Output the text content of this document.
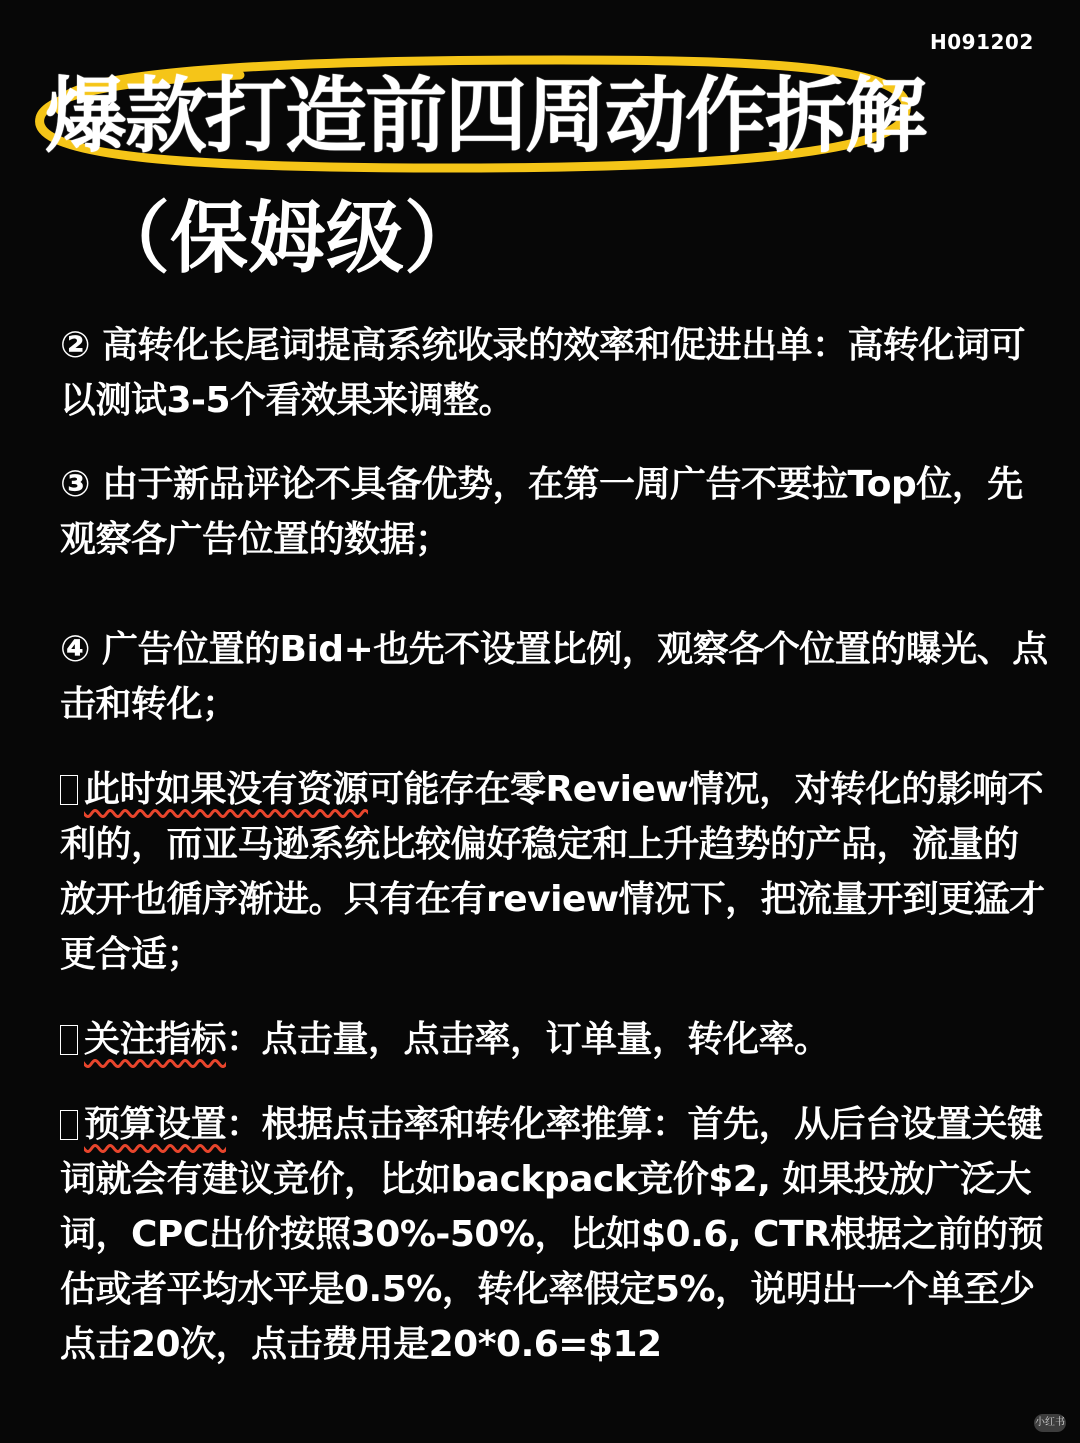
H091202
爆款打造前四周动作拆解
（保姆级）

② 高转化长尾词提高系统收录的效率和促进出单：高转化词可以测试3-5个看效果来调整。

③ 由于新品评论不具备优势，在第一周广告不要拉Top位，先观察各广告位置的数据；

④ 广告位置的Bid+也先不设置比例，观察各个位置的曝光、点击和转化；

此时如果没有资源可能存在零Review情况，对转化的影响不利的，而亚马逊系统比较偏好稳定和上升趋势的产品，流量的放开也循序渐进。只有在有review情况下，把流量开到更猛才更合适；

关注指标：点击量，点击率，订单量，转化率。

预算设置：根据点击率和转化率推算：首先，从后台设置关键词就会有建议竞价，比如backpack竞价$2, 如果投放广泛大词，CPC出价按照30%-50%，比如$0.6, CTR根据之前的预估或者平均水平是0.5%，转化率假定5%，说明出一个单至少点击20次，点击费用是20*0.6=$12

小红书
